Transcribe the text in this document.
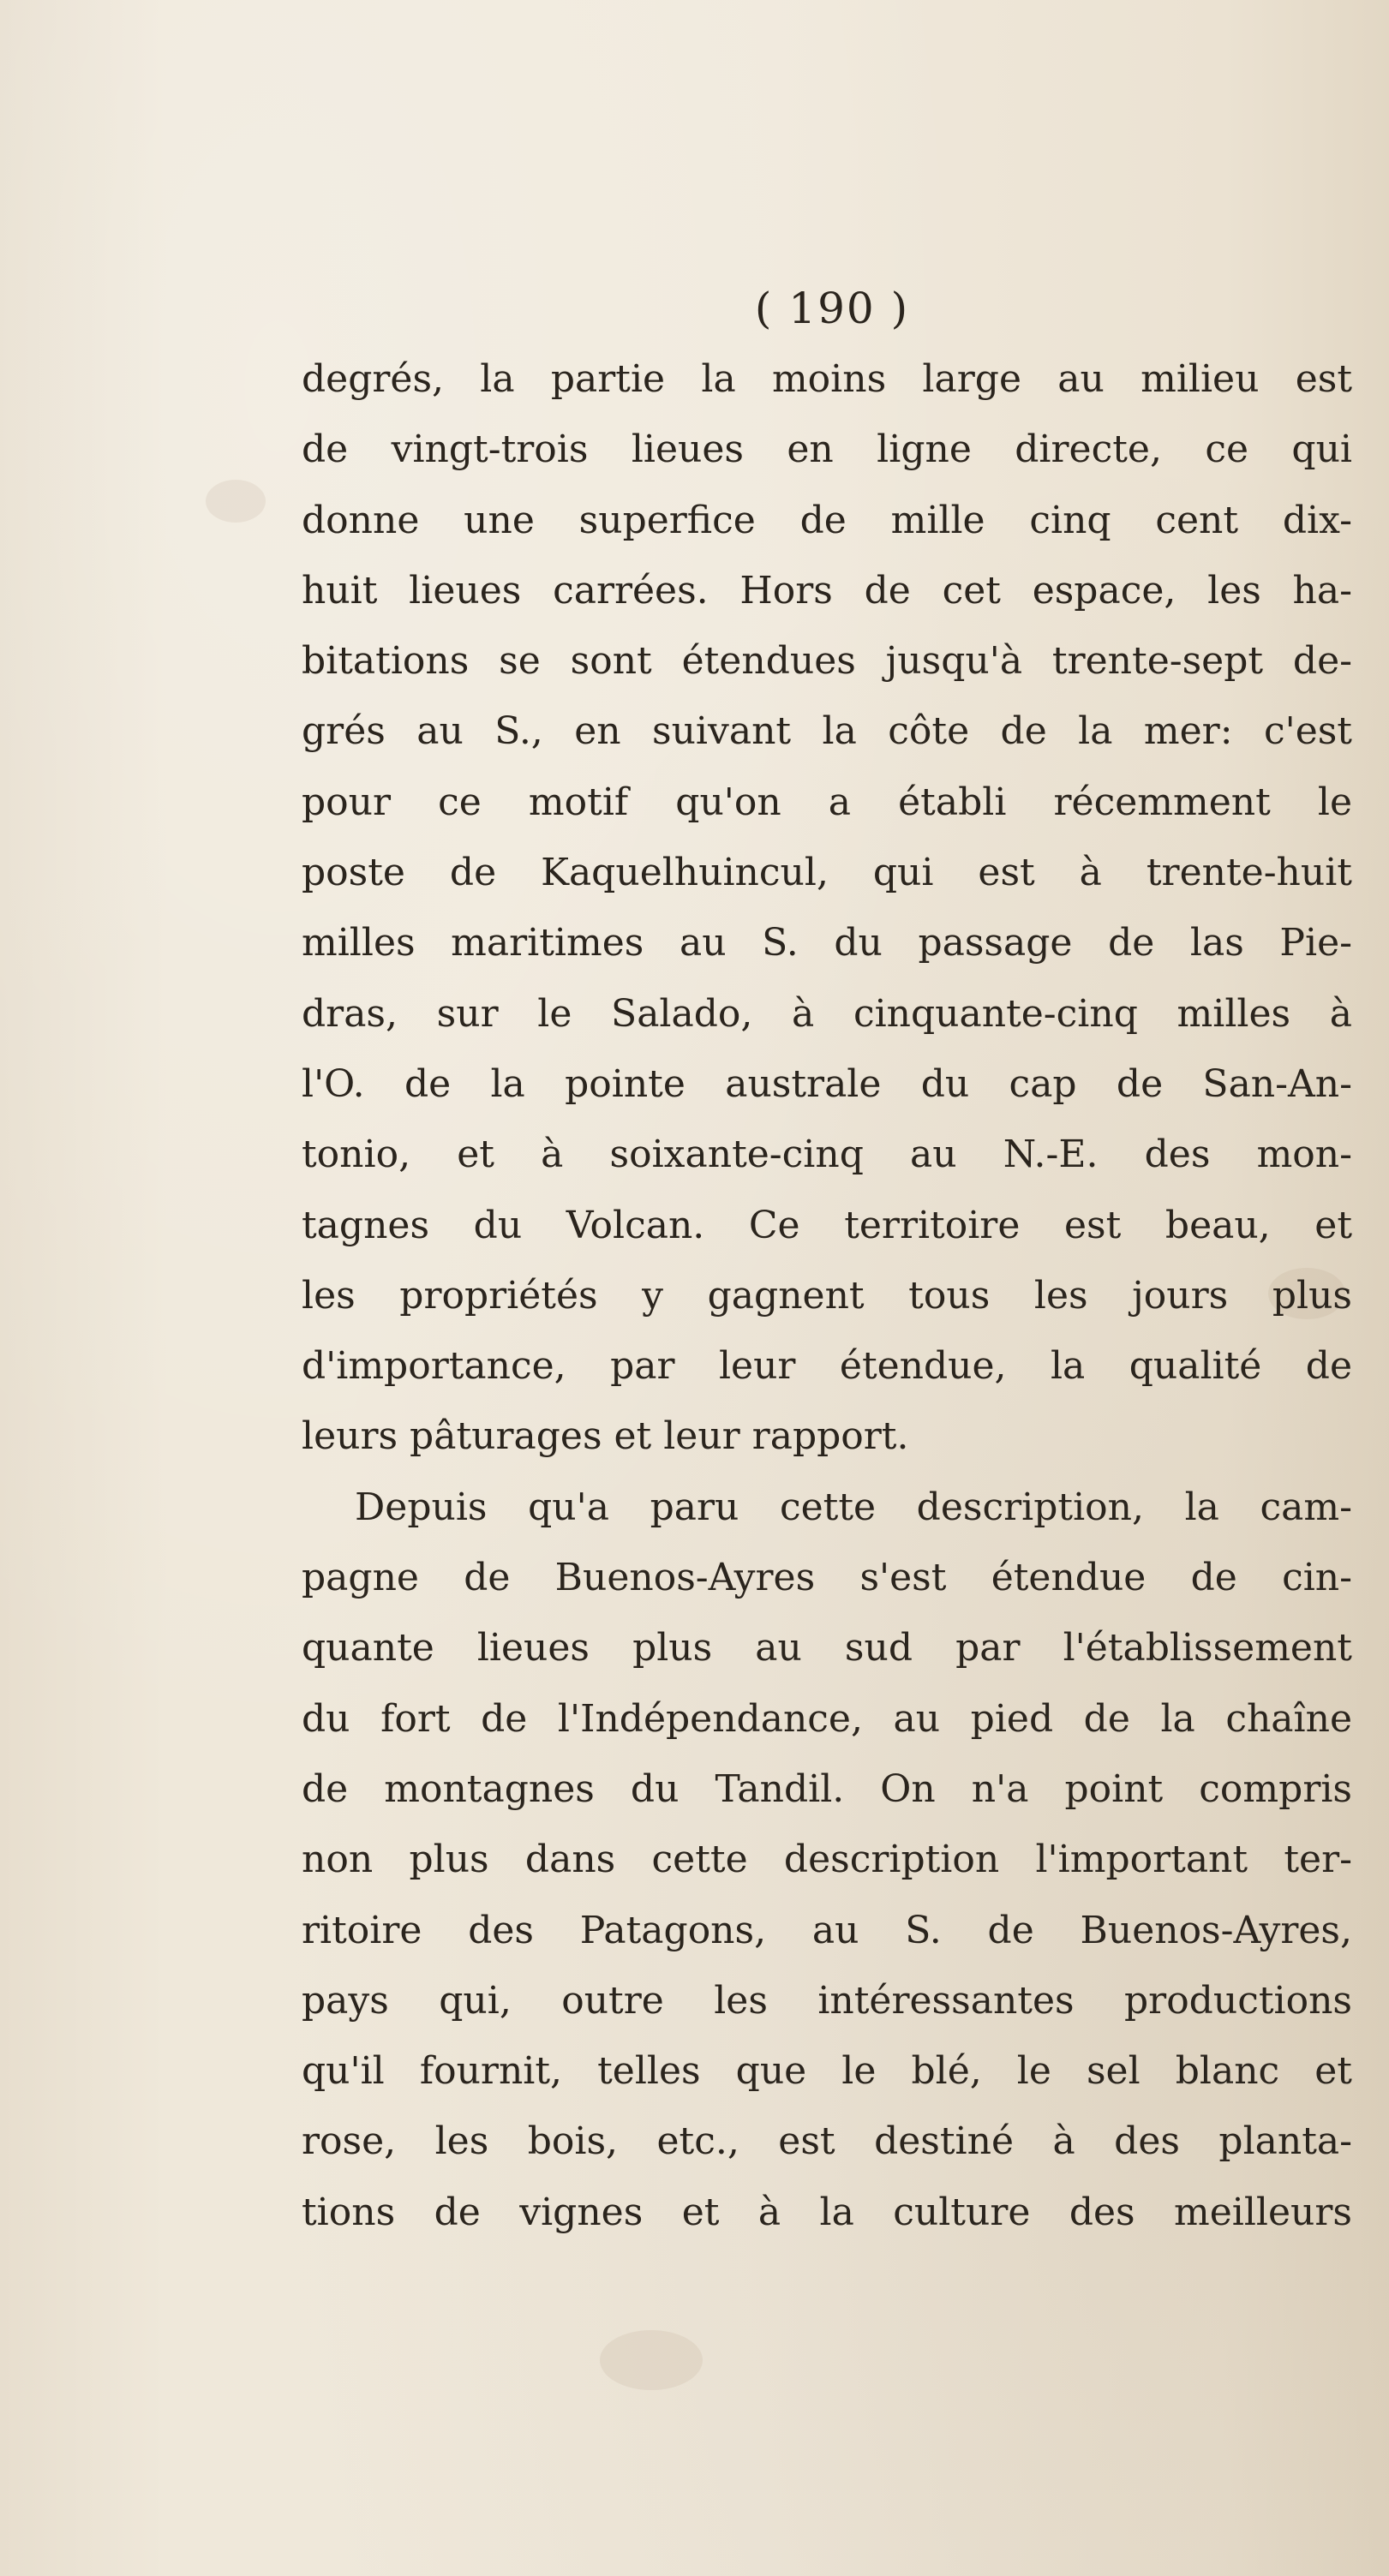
( 190 )
degrés, la partie la moins large au milieu est
de vingt-trois lieues en ligne directe, ce qui
donne une superfice de mille cinq cent dix-
huit lieues carrées. Hors de cet espace, les ha-
bitations se sont étendues jusqu'à trente-sept de-
grés au S., en suivant la côte de la mer: c'est
pour ce motif qu'on a établi récemment le
poste de Kaquelhuincul, qui est à trente-huit
milles maritimes au S. du passage de las Pie-
dras, sur le Salado, à cinquante-cinq milles à
l'O. de la pointe australe du cap de San-An-
tonio, et à soixante-cinq au N.-E. des mon-
tagnes du Volcan. Ce territoire est beau, et
les propriétés y gagnent tous les jours plus
d'importance, par leur étendue, la qualité de
leurs pâturages et leur rapport.
Depuis qu'a paru cette description, la cam-
pagne de Buenos-Ayres s'est étendue de cin-
quante lieues plus au sud par l'établissement
du fort de l'Indépendance, au pied de la chaîne
de montagnes du Tandil. On n'a point compris
non plus dans cette description l'important ter-
ritoire des Patagons, au S. de Buenos-Ayres,
pays qui, outre les intéressantes productions
qu'il fournit, telles que le blé, le sel blanc et
rose, les bois, etc., est destiné à des planta-
tions de vignes et à la culture des meilleurs
